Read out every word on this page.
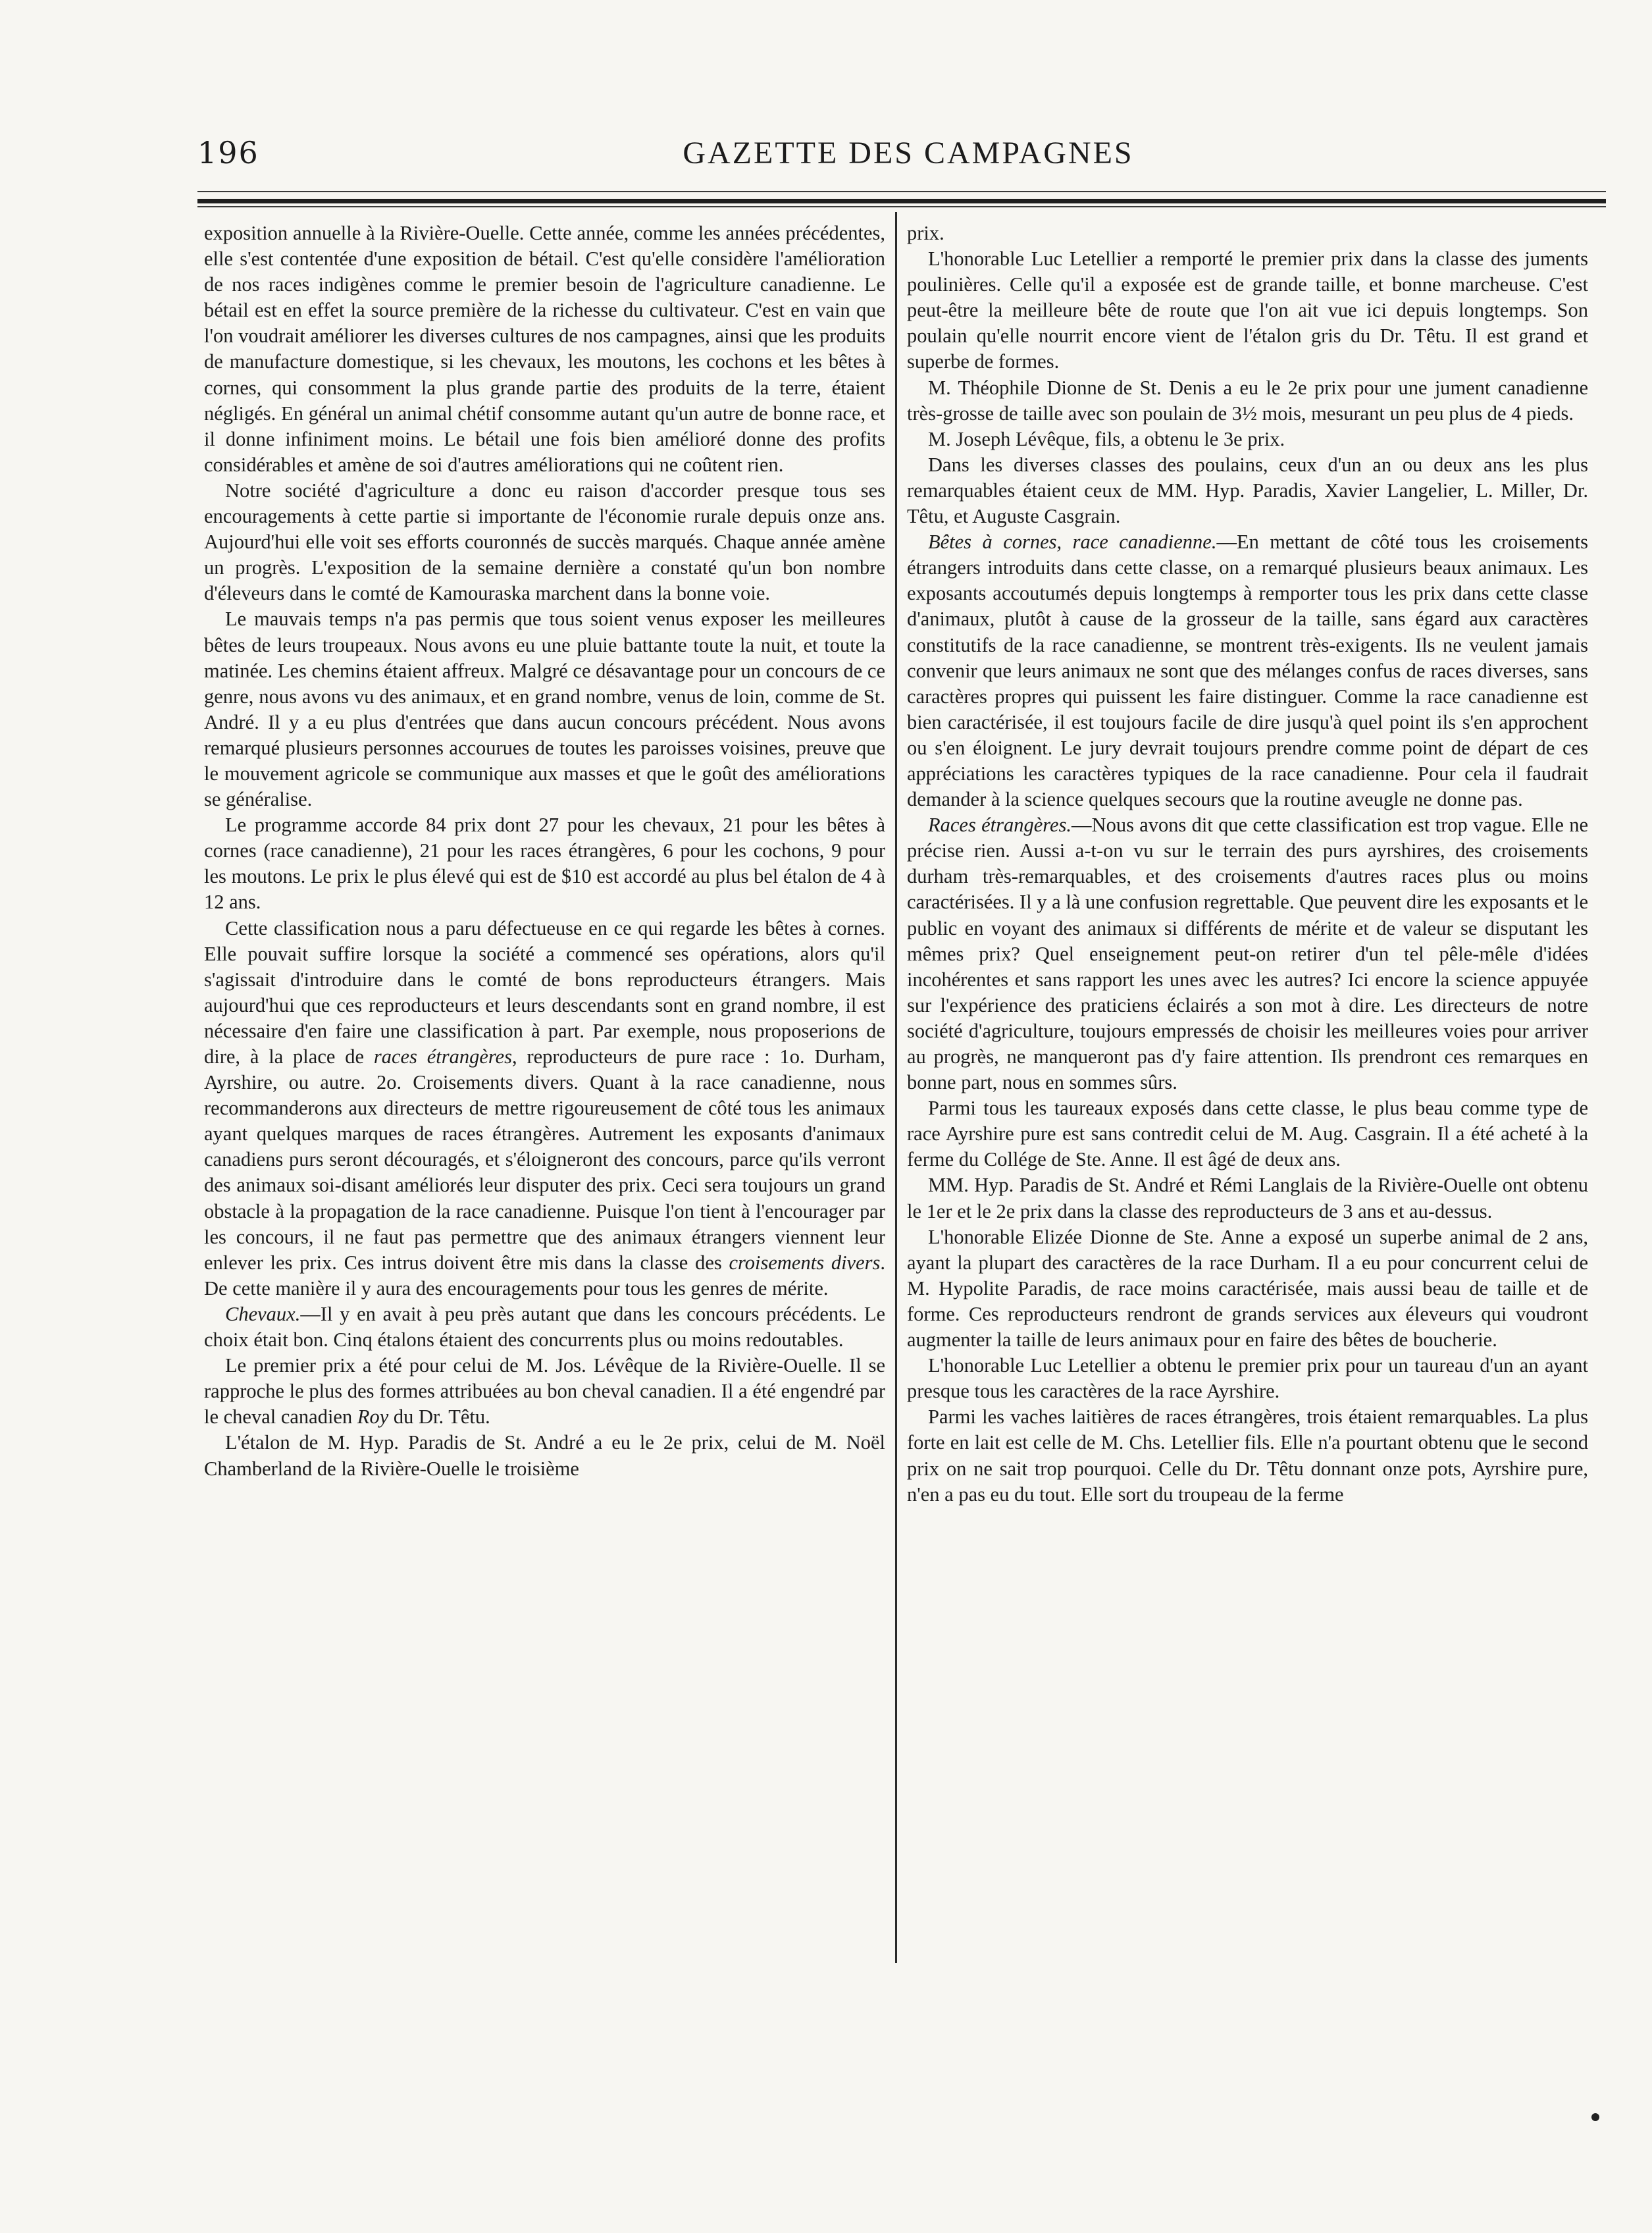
196	GAZETTE DES CAMPAGNES

exposition annuelle à la Rivière-Ouelle. Cette année, comme les années précédentes, elle s'est contentée d'une exposition de bétail. C'est qu'elle considère l'amélioration de nos races indigènes comme le premier besoin de l'agriculture canadienne. Le bétail est en effet la source première de la richesse du cultivateur. C'est en vain que l'on voudrait améliorer les diverses cultures de nos campagnes, ainsi que les produits de manufacture domestique, si les chevaux, les moutons, les cochons et les bêtes à cornes, qui consomment la plus grande partie des produits de la terre, étaient négligés. En général un animal chétif consomme autant qu'un autre de bonne race, et il donne infiniment moins. Le bétail une fois bien amélioré donne des profits considérables et amène de soi d'autres améliorations qui ne coûtent rien.

Notre société d'agriculture a donc eu raison d'accorder presque tous ses encouragements à cette partie si importante de l'économie rurale depuis onze ans. Aujourd'hui elle voit ses efforts couronnés de succès marqués. Chaque année amène un progrès. L'exposition de la semaine dernière a constaté qu'un bon nombre d'éleveurs dans le comté de Kamouraska marchent dans la bonne voie.

Le mauvais temps n'a pas permis que tous soient venus exposer les meilleures bêtes de leurs troupeaux. Nous avons eu une pluie battante toute la nuit, et toute la matinée. Les chemins étaient affreux. Malgré ce désavantage pour un concours de ce genre, nous avons vu des animaux, et en grand nombre, venus de loin, comme de St. André. Il y a eu plus d'entrées que dans aucun concours précédent. Nous avons remarqué plusieurs personnes accourues de toutes les paroisses voisines, preuve que le mouvement agricole se communique aux masses et que le goût des améliorations se généralise.

Le programme accorde 84 prix dont 27 pour les chevaux, 21 pour les bêtes à cornes (race canadienne), 21 pour les races étrangères, 6 pour les cochons, 9 pour les moutons. Le prix le plus élevé qui est de $10 est accordé au plus bel étalon de 4 à 12 ans.

Cette classification nous a paru défectueuse en ce qui regarde les bêtes à cornes. Elle pouvait suffire lorsque la société a commencé ses opérations, alors qu'il s'agissait d'introduire dans le comté de bons reproducteurs étrangers. Mais aujourd'hui que ces reproducteurs et leurs descendants sont en grand nombre, il est nécessaire d'en faire une classification à part. Par exemple, nous proposerions de dire, à la place de races étrangères, reproducteurs de pure race : 1o. Durham, Ayrshire, ou autre. 2o. Croisements divers. Quant à la race canadienne, nous recommanderons aux directeurs de mettre rigoureusement de côté tous les animaux ayant quelques marques de races étrangères. Autrement les exposants d'animaux canadiens purs seront découragés, et s'éloigneront des concours, parce qu'ils verront des animaux soi-disant améliorés leur disputer des prix. Ceci sera toujours un grand obstacle à la propagation de la race canadienne. Puisque l'on tient à l'encourager par les concours, il ne faut pas permettre que des animaux étrangers viennent leur enlever les prix. Ces intrus doivent être mis dans la classe des croisements divers. De cette manière il y aura des encouragements pour tous les genres de mérite.

Chevaux.—Il y en avait à peu près autant que dans les concours précédents. Le choix était bon. Cinq étalons étaient des concurrents plus ou moins redoutables.

Le premier prix a été pour celui de M. Jos. Lévêque de la Rivière-Ouelle. Il se rapproche le plus des formes attribuées au bon cheval canadien. Il a été engendré par le cheval canadien Roy du Dr. Têtu.

L'étalon de M. Hyp. Paradis de St. André a eu le 2e prix, celui de M. Noël Chamberland de la Rivière-Ouelle le troisième

prix.

L'honorable Luc Letellier a remporté le premier prix dans la classe des juments poulinières. Celle qu'il a exposée est de grande taille, et bonne marcheuse. C'est peut-être la meilleure bête de route que l'on ait vue ici depuis longtemps. Son poulain qu'elle nourrit encore vient de l'étalon gris du Dr. Têtu. Il est grand et superbe de formes.

M. Théophile Dionne de St. Denis a eu le 2e prix pour une jument canadienne très-grosse de taille avec son poulain de 3½ mois, mesurant un peu plus de 4 pieds.

M. Joseph Lévêque, fils, a obtenu le 3e prix.

Dans les diverses classes des poulains, ceux d'un an ou deux ans les plus remarquables étaient ceux de MM. Hyp. Paradis, Xavier Langelier, L. Miller, Dr. Têtu, et Auguste Casgrain.

Bêtes à cornes, race canadienne.—En mettant de côté tous les croisements étrangers introduits dans cette classe, on a remarqué plusieurs beaux animaux. Les exposants accoutumés depuis longtemps à remporter tous les prix dans cette classe d'animaux, plutôt à cause de la grosseur de la taille, sans égard aux caractères constitutifs de la race canadienne, se montrent très-exigents. Ils ne veulent jamais convenir que leurs animaux ne sont que des mélanges confus de races diverses, sans caractères propres qui puissent les faire distinguer. Comme la race canadienne est bien caractérisée, il est toujours facile de dire jusqu'à quel point ils s'en approchent ou s'en éloignent. Le jury devrait toujours prendre comme point de départ de ces appréciations les caractères typiques de la race canadienne. Pour cela il faudrait demander à la science quelques secours que la routine aveugle ne donne pas.

Races étrangères.—Nous avons dit que cette classification est trop vague. Elle ne précise rien. Aussi a-t-on vu sur le terrain des purs ayrshires, des croisements durham très-remarquables, et des croisements d'autres races plus ou moins caractérisées. Il y a là une confusion regrettable. Que peuvent dire les exposants et le public en voyant des animaux si différents de mérite et de valeur se disputant les mêmes prix? Quel enseignement peut-on retirer d'un tel pêle-mêle d'idées incohérentes et sans rapport les unes avec les autres? Ici encore la science appuyée sur l'expérience des praticiens éclairés a son mot à dire. Les directeurs de notre société d'agriculture, toujours empressés de choisir les meilleures voies pour arriver au progrès, ne manqueront pas d'y faire attention. Ils prendront ces remarques en bonne part, nous en sommes sûrs.

Parmi tous les taureaux exposés dans cette classe, le plus beau comme type de race Ayrshire pure est sans contredit celui de M. Aug. Casgrain. Il a été acheté à la ferme du Collége de Ste. Anne. Il est âgé de deux ans.

MM. Hyp. Paradis de St. André et Rémi Langlais de la Rivière-Ouelle ont obtenu le 1er et le 2e prix dans la classe des reproducteurs de 3 ans et au-dessus.

L'honorable Elizée Dionne de Ste. Anne a exposé un superbe animal de 2 ans, ayant la plupart des caractères de la race Durham. Il a eu pour concurrent celui de M. Hypolite Paradis, de race moins caractérisée, mais aussi beau de taille et de forme. Ces reproducteurs rendront de grands services aux éleveurs qui voudront augmenter la taille de leurs animaux pour en faire des bêtes de boucherie.

L'honorable Luc Letellier a obtenu le premier prix pour un taureau d'un an ayant presque tous les caractères de la race Ayrshire.

Parmi les vaches laitières de races étrangères, trois étaient remarquables. La plus forte en lait est celle de M. Chs. Letellier fils. Elle n'a pourtant obtenu que le second prix on ne sait trop pourquoi. Celle du Dr. Têtu donnant onze pots, Ayrshire pure, n'en a pas eu du tout. Elle sort du troupeau de la ferme
